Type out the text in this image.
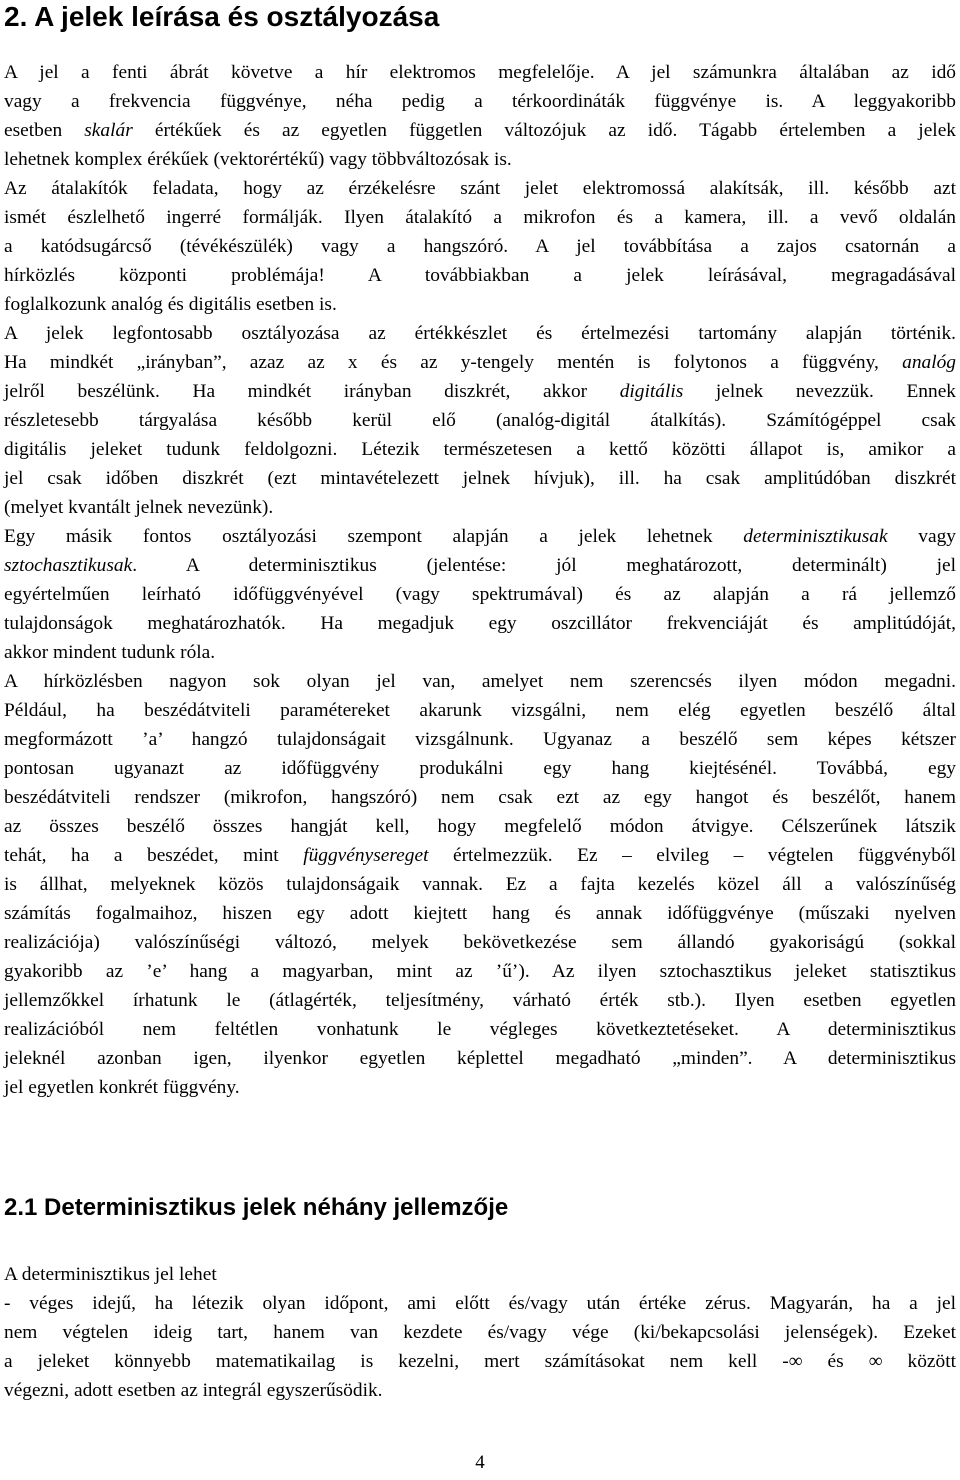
2. A jelek leírása és osztályozása
A jel a fenti ábrát követve a hír elektromos megfelelője. A jel számunkra általában az idő
vagy a frekvencia függvénye, néha pedig a térkoordináták függvénye is. A leggyakoribb
esetben skalár értékűek és az egyetlen független változójuk az idő. Tágabb értelemben a jelek
lehetnek komplex érékűek (vektorértékű) vagy többváltozósak is.
Az átalakítók feladata, hogy az érzékelésre szánt jelet elektromossá alakítsák, ill. később azt
ismét észlelhető ingerré formálják. Ilyen átalakító a mikrofon és a kamera, ill. a vevő oldalán
a katódsugárcső (tévékészülék) vagy a hangszóró. A jel továbbítása a zajos csatornán a
hírközlés központi problémája! A továbbiakban a jelek leírásával, megragadásával
foglalkozunk analóg és digitális esetben is.
A jelek legfontosabb osztályozása az értékkészlet és értelmezési tartomány alapján történik.
Ha mindkét „irányban”, azaz az x és az y-tengely mentén is folytonos a függvény, analóg
jelről beszélünk. Ha mindkét irányban diszkrét, akkor digitális jelnek nevezzük. Ennek
részletesebb tárgyalása később kerül elő (analóg-digitál átalkítás). Számítógéppel csak
digitális jeleket tudunk feldolgozni. Létezik természetesen a kettő közötti állapot is, amikor a
jel csak időben diszkrét (ezt mintavételezett jelnek hívjuk), ill. ha csak amplitúdóban diszkrét
(melyet kvantált jelnek nevezünk).
Egy másik fontos osztályozási szempont alapján a jelek lehetnek determinisztikusak vagy
sztochasztikusak. A determinisztikus (jelentése: jól meghatározott, determinált) jel
egyértelműen leírható időfüggvényével (vagy spektrumával) és az alapján a rá jellemző
tulajdonságok meghatározhatók. Ha megadjuk egy oszcillátor frekvenciáját és amplitúdóját,
akkor mindent tudunk róla.
A hírközlésben nagyon sok olyan jel van, amelyet nem szerencsés ilyen módon megadni.
Például, ha beszédátviteli paramétereket akarunk vizsgálni, nem elég egyetlen beszélő által
megformázott ’a’ hangzó tulajdonságait vizsgálnunk. Ugyanaz a beszélő sem képes kétszer
pontosan ugyanazt az időfüggvény produkálni egy hang kiejtésénél. Továbbá, egy
beszédátviteli rendszer (mikrofon, hangszóró) nem csak ezt az egy hangot és beszélőt, hanem
az összes beszélő összes hangját kell, hogy megfelelő módon átvigye. Célszerűnek látszik
tehát, ha a beszédet, mint függvénysereget értelmezzük. Ez – elvileg – végtelen függvényből
is állhat, melyeknek közös tulajdonságaik vannak. Ez a fajta kezelés közel áll a valószínűség
számítás fogalmaihoz, hiszen egy adott kiejtett hang és annak időfüggvénye (műszaki nyelven
realizációja) valószínűségi változó, melyek bekövetkezése sem állandó gyakoriságú (sokkal
gyakoribb az ’e’ hang a magyarban, mint az ’ű’). Az ilyen sztochasztikus jeleket statisztikus
jellemzőkkel írhatunk le (átlagérték, teljesítmény, várható érték stb.). Ilyen esetben egyetlen
realizációból nem feltétlen vonhatunk le végleges következtetéseket. A determinisztikus
jeleknél azonban igen, ilyenkor egyetlen képlettel megadható „minden”. A determinisztikus
jel egyetlen konkrét függvény.
2.1 Determinisztikus jelek néhány jellemzője
A determinisztikus jel lehet
- véges idejű, ha létezik olyan időpont, ami előtt és/vagy után értéke zérus. Magyarán, ha a jel
nem végtelen ideig tart, hanem van kezdete és/vagy vége (ki/bekapcsolási jelenségek). Ezeket
a jeleket könnyebb matematikailag is kezelni, mert számításokat nem kell -∞ és ∞ között
végezni, adott esetben az integrál egyszerűsödik.
4
